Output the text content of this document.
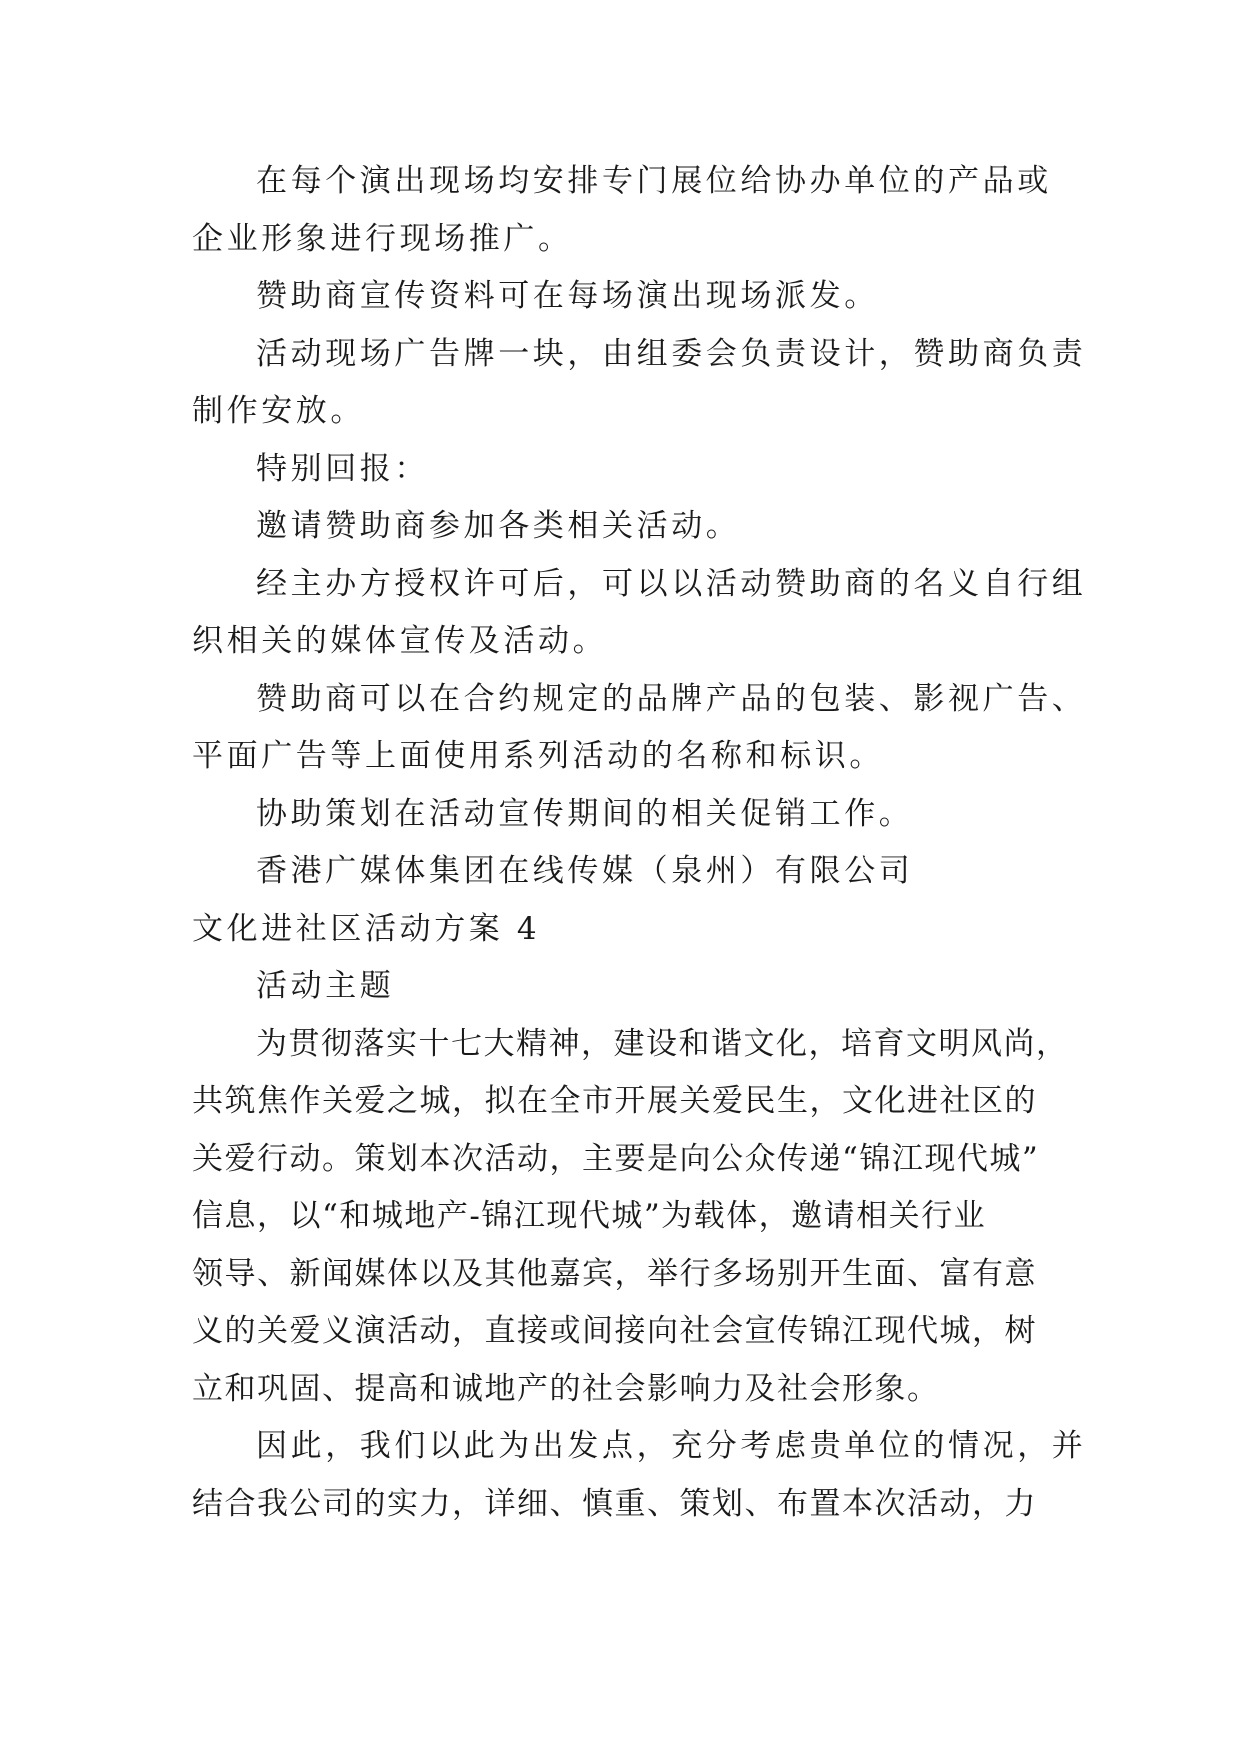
在每个演出现场均安排专门展位给协办单位的产品或
企业形象进行现场推广。
赞助商宣传资料可在每场演出现场派发。
活动现场广告牌一块，由组委会负责设计，赞助商负责
制作安放。
特别回报：
邀请赞助商参加各类相关活动。
经主办方授权许可后，可以以活动赞助商的名义自行组
织相关的媒体宣传及活动。
赞助商可以在合约规定的品牌产品的包装、影视广告、
平面广告等上面使用系列活动的名称和标识。
协助策划在活动宣传期间的相关促销工作。
香港广媒体集团在线传媒（泉州）有限公司
文化进社区活动方案 4
活动主题
为贯彻落实十七大精神，建设和谐文化，培育文明风尚，
共筑焦作关爱之城，拟在全市开展关爱民生，文化进社区的
关爱行动。策划本次活动，主要是向公众传递“锦江现代城”
信息，以“和城地产-锦江现代城”为载体，邀请相关行业
领导、新闻媒体以及其他嘉宾，举行多场别开生面、富有意
义的关爱义演活动，直接或间接向社会宣传锦江现代城，树
立和巩固、提高和诚地产的社会影响力及社会形象。
因此，我们以此为出发点，充分考虑贵单位的情况，并
结合我公司的实力，详细、慎重、策划、布置本次活动，力
